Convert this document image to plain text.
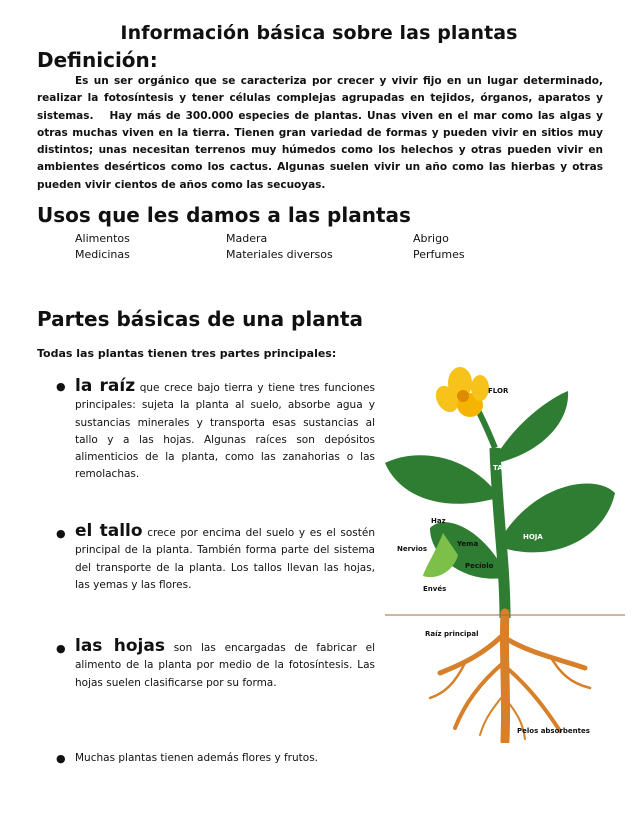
Información básica sobre las plantas
Definición:
Es un ser orgánico que se caracteriza por crecer y vivir fijo en un lugar determinado, realizar la fotosíntesis y tener células complejas agrupadas en tejidos, órganos, aparatos y sistemas. Hay más de 300.000 especies de plantas. Unas viven en el mar como las algas y otras muchas viven en la tierra. Tienen gran variedad de formas y pueden vivir en sitios muy distintos; unas necesitan terrenos muy húmedos como los helechos y otras pueden vivir en ambientes desérticos como los cactus. Algunas suelen vivir un año como las hierbas y otras pueden vivir cientos de años como las secuoyas.
Usos que les damos a las plantas
Alimentos	Madera	Abrigo
Medicinas	Materiales diversos	Perfumes
Partes básicas de una planta
Todas las plantas tienen tres partes principales:
● la raíz que crece bajo tierra y tiene tres funciones principales: sujeta la planta al suelo, absorbe agua y sustancias minerales y transporta esas sustancias al tallo y a las hojas. Algunas raíces son depósitos alimenticios de la planta, como las zanahorias o las remolachas.
● el tallo crece por encima del suelo y es el sostén principal de la planta. También forma parte del sistema del transporte de la planta. Los tallos llevan las hojas, las yemas y las flores.
● las hojas son las encargadas de fabricar el alimento de la planta por medio de la fotosíntesis. Las hojas suelen clasificarse por su forma.
● Muchas plantas tienen además flores y frutos.
FLOR
TALLO
HOJA
Haz
Yema
Nervios
Pecíolo
Envés
Raíz principal
Pelos absorbentes
